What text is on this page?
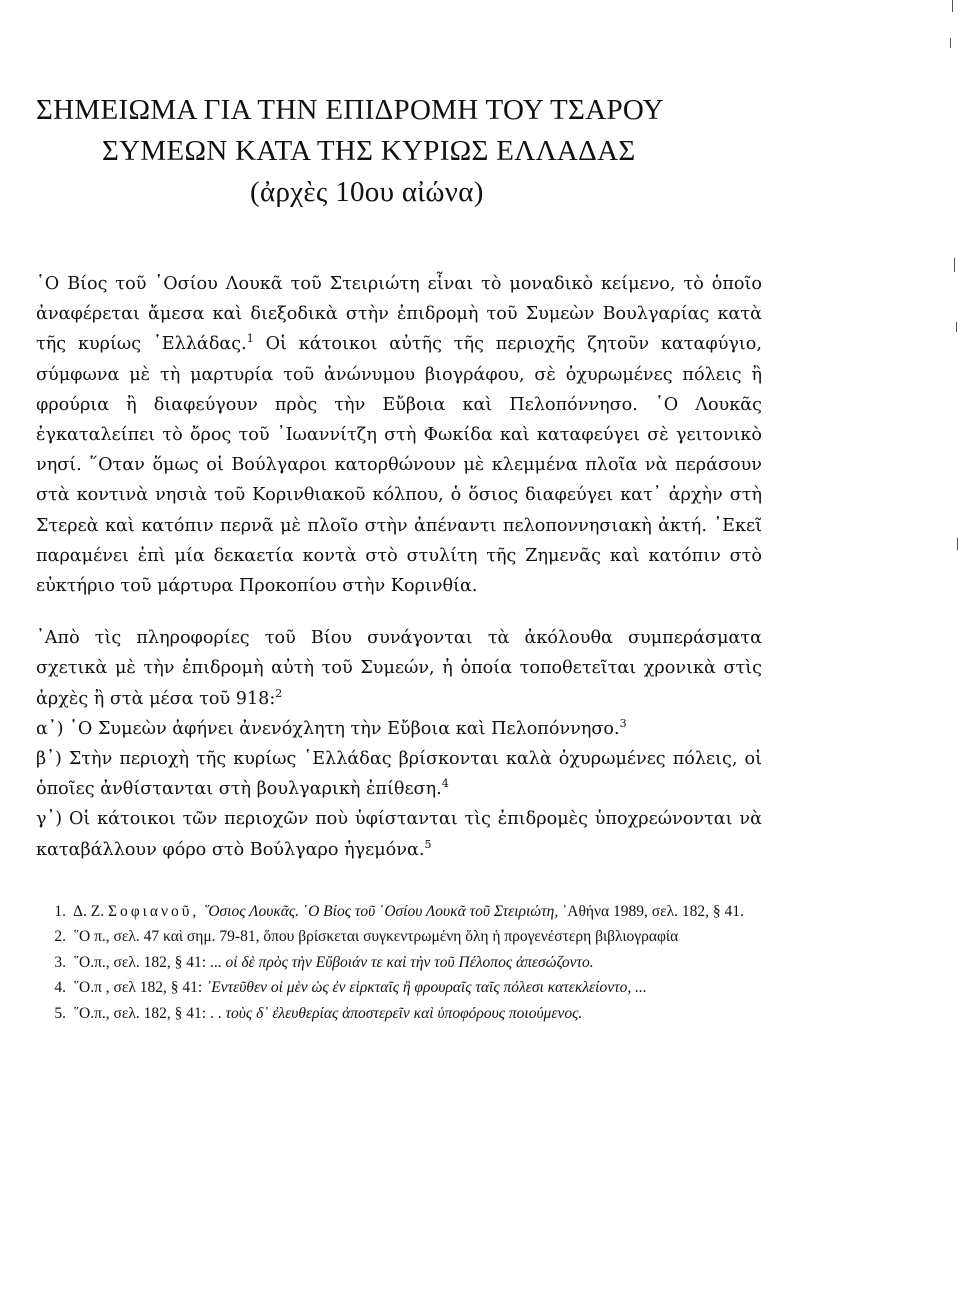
ΣΗΜΕΙΩΜΑ ΓΙΑ ΤΗΝ ΕΠΙΔΡΟΜΗ ΤΟΥ ΤΣΑΡΟΥ
ΣΥΜΕΩΝ ΚΑΤΑ ΤΗΣ ΚΥΡΙΩΣ ΕΛΛΑΔΑΣ
(ἀρχὲς 10ου αἰώνα)

῾Ο Βίος τοῦ ῾Οσίου Λουκᾶ τοῦ Στειριώτη εἶναι τὸ μοναδικὸ κείμενο, τὸ ὁποῖο ἀναφέρεται ἄμεσα καὶ διεξοδικὰ στὴν ἐπιδρομὴ τοῦ Συμεὼν Βουλγαρίας κατὰ τῆς κυρίως ῾Ελλάδας.$^1$ Οἱ κάτοικοι αὐτῆς τῆς περιοχῆς ζητοῦν καταφύγιο, σύμφωνα μὲ τὴ μαρτυρία τοῦ ἀνώνυμου βιογράφου, σὲ ὀχυρωμένες πόλεις ἢ φρούρια ἢ διαφεύγουν πρὸς τὴν Εὔβοια καὶ Πελοπόννησο. ῾Ο Λουκᾶς ἐγκαταλείπει τὸ ὄρος τοῦ ᾿Ιωαννίτζη στὴ Φωκίδα καὶ καταφεύγει σὲ γειτονικὸ νησί. ῞Οταν ὅμως οἱ Βούλγαροι κατορθώνουν μὲ κλεμμένα πλοῖα νὰ περάσουν στὰ κοντινὰ νησιὰ τοῦ Κορινθιακοῦ κόλπου, ὁ ὅσιος διαφεύγει κατ᾿ ἀρχὴν στὴ Στερεὰ καὶ κατόπιν περνᾶ μὲ πλοῖο στὴν ἀπέναντι πελοποννησιακὴ ἀκτή. ᾿Εκεῖ παραμένει ἐπὶ μία δεκαετία κοντὰ στὸ στυλίτη τῆς Ζημενᾶς καὶ κατόπιν στὸ εὐκτήριο τοῦ μάρτυρα Προκοπίου στὴν Κορινθία.

᾿Απὸ τὶς πληροφορίες τοῦ Βίου συνάγονται τὰ ἀκόλουθα συμπεράσματα σχετικὰ μὲ τὴν ἐπιδρομὴ αὐτὴ τοῦ Συμεών, ἡ ὁποία τοποθετεῖται χρονικὰ στὶς ἀρχὲς ἢ στὰ μέσα τοῦ 918:$^2$

α᾿) ῾Ο Συμεὼν ἀφήνει ἀνενόχλητη τὴν Εὔβοια καὶ Πελοπόννησο.$^3$

β᾿) Στὴν περιοχὴ τῆς κυρίως ῾Ελλάδας βρίσκονται καλὰ ὀχυρωμένες πόλεις, οἱ ὁποῖες ἀνθίστανται στὴ βουλγαρικὴ ἐπίθεση.$^4$

γ᾿) Οἱ κάτοικοι τῶν περιοχῶν ποὺ ὑφίστανται τὶς ἐπιδρομὲς ὑποχρεώνονται νὰ καταβάλλουν φόρο στὸ Βούλγαρο ἡγεμόνα.$^5$

1. Δ. Ζ. Σοφιανοῦ, ῞Οσιος Λουκᾶς. ῾Ο Βίος τοῦ ῾Οσίου Λουκᾶ τοῦ Στειριώτη, ᾿Αθήνα 1989, σελ. 182, § 41.

2. ῞Ο π., σελ. 47 καὶ σημ. 79-81, ὅπου βρίσκεται συγκεντρωμένη ὅλη ἡ προγενέστερη βιβλιογραφία

3. ῞Ο.π., σελ. 182, § 41: ... οἱ δὲ πρὸς τὴν Εὔβοιάν τε καὶ τὴν τοῦ Πέλοπος ἀπεσώζοντο.

4. ῞Ο.π , σελ 182, § 41: ᾿Εντεῦθεν οἱ μὲν ὡς ἐν εἱρκταῖς ἢ φρουραῖς ταῖς πόλεσι κατεκλείοντο, ...

5. ῞Ο.π., σελ. 182, § 41: . . τοὺς δ᾿ ἐλευθερίας ἀποστερεῖν καὶ ὑποφόρους ποιούμενος.
